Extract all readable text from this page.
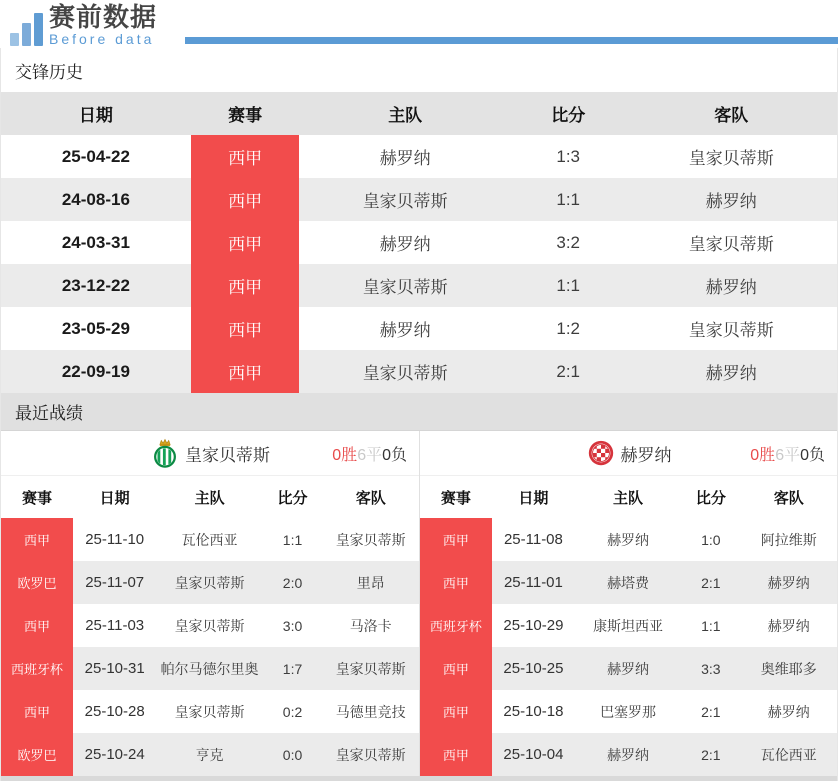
赛前数据
Before data
交锋历史
日期	赛事	主队	比分	客队
25-04-22	西甲	赫罗纳	1:3	皇家贝蒂斯
24-08-16	西甲	皇家贝蒂斯	1:1	赫罗纳
24-03-31	西甲	赫罗纳	3:2	皇家贝蒂斯
23-12-22	西甲	皇家贝蒂斯	1:1	赫罗纳
23-05-29	西甲	赫罗纳	1:2	皇家贝蒂斯
22-09-19	西甲	皇家贝蒂斯	2:1	赫罗纳
最近战绩
皇家贝蒂斯	0胜6平0负
赛事	日期	主队	比分	客队
西甲	25-11-10	瓦伦西亚	1:1	皇家贝蒂斯
欧罗巴	25-11-07	皇家贝蒂斯	2:0	里昂
西甲	25-11-03	皇家贝蒂斯	3:0	马洛卡
西班牙杯	25-10-31	帕尔马德尔里奥	1:7	皇家贝蒂斯
西甲	25-10-28	皇家贝蒂斯	0:2	马德里竞技
欧罗巴	25-10-24	亨克	0:0	皇家贝蒂斯
赫罗纳	0胜6平0负
赛事	日期	主队	比分	客队
西甲	25-11-08	赫罗纳	1:0	阿拉维斯
西甲	25-11-01	赫塔费	2:1	赫罗纳
西班牙杯	25-10-29	康斯坦西亚	1:1	赫罗纳
西甲	25-10-25	赫罗纳	3:3	奥维耶多
西甲	25-10-18	巴塞罗那	2:1	赫罗纳
西甲	25-10-04	赫罗纳	2:1	瓦伦西亚
